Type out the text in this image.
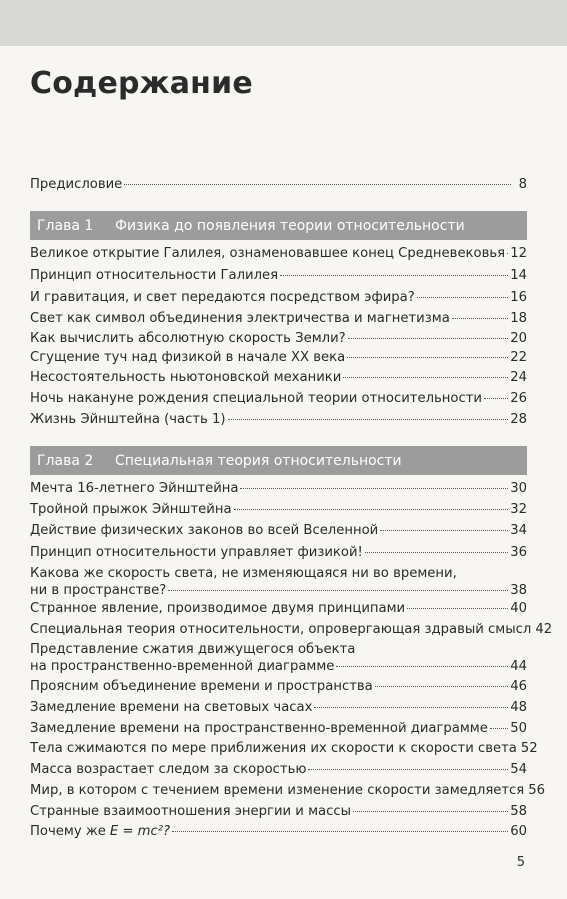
Содержание
Предисловие	8
Глава 1	Физика до появления теории относительности
Великое открытие Галилея, ознаменовавшее конец Средневековья 12
Принцип относительности Галилея	14
И гравитация, и свет передаются посредством эфира?	16
Свет как символ объединения электричества и магнетизма	18
Как вычислить абсолютную скорость Земли?	20
Сгущение туч над физикой в начале XX века	22
Несостоятельность ньютоновской механики	24
Ночь накануне рождения специальной теории относительности 26
Жизнь Эйнштейна (часть 1)	28
Глава 2	Специальная теория относительности
Мечта 16-летнего Эйнштейна	30
Тройной прыжок Эйнштейна	32
Действие физических законов во всей Вселенной	34
Принцип относительности управляет физикой!	36
Какова же скорость света, не изменяющаяся ни во времени,
ни в пространстве?	38
Странное явление, производимое двумя принципами	40
Специальная теория относительности, опровергающая здравый смысл 42
Представление сжатия движущегося объекта
на пространственно-временной диаграмме	44
Проясним объединение времени и пространства	46
Замедление времени на световых часах	48
Замедление времени на пространственно-временной диаграмме 50
Тела сжимаются по мере приближения их скорости к скорости света 52
Масса возрастает следом за скоростью	54
Мир, в котором с течением времени изменение скорости замедляется 56
Странные взаимоотношения энергии и массы	58
Почему же E = mc²?	60
5
